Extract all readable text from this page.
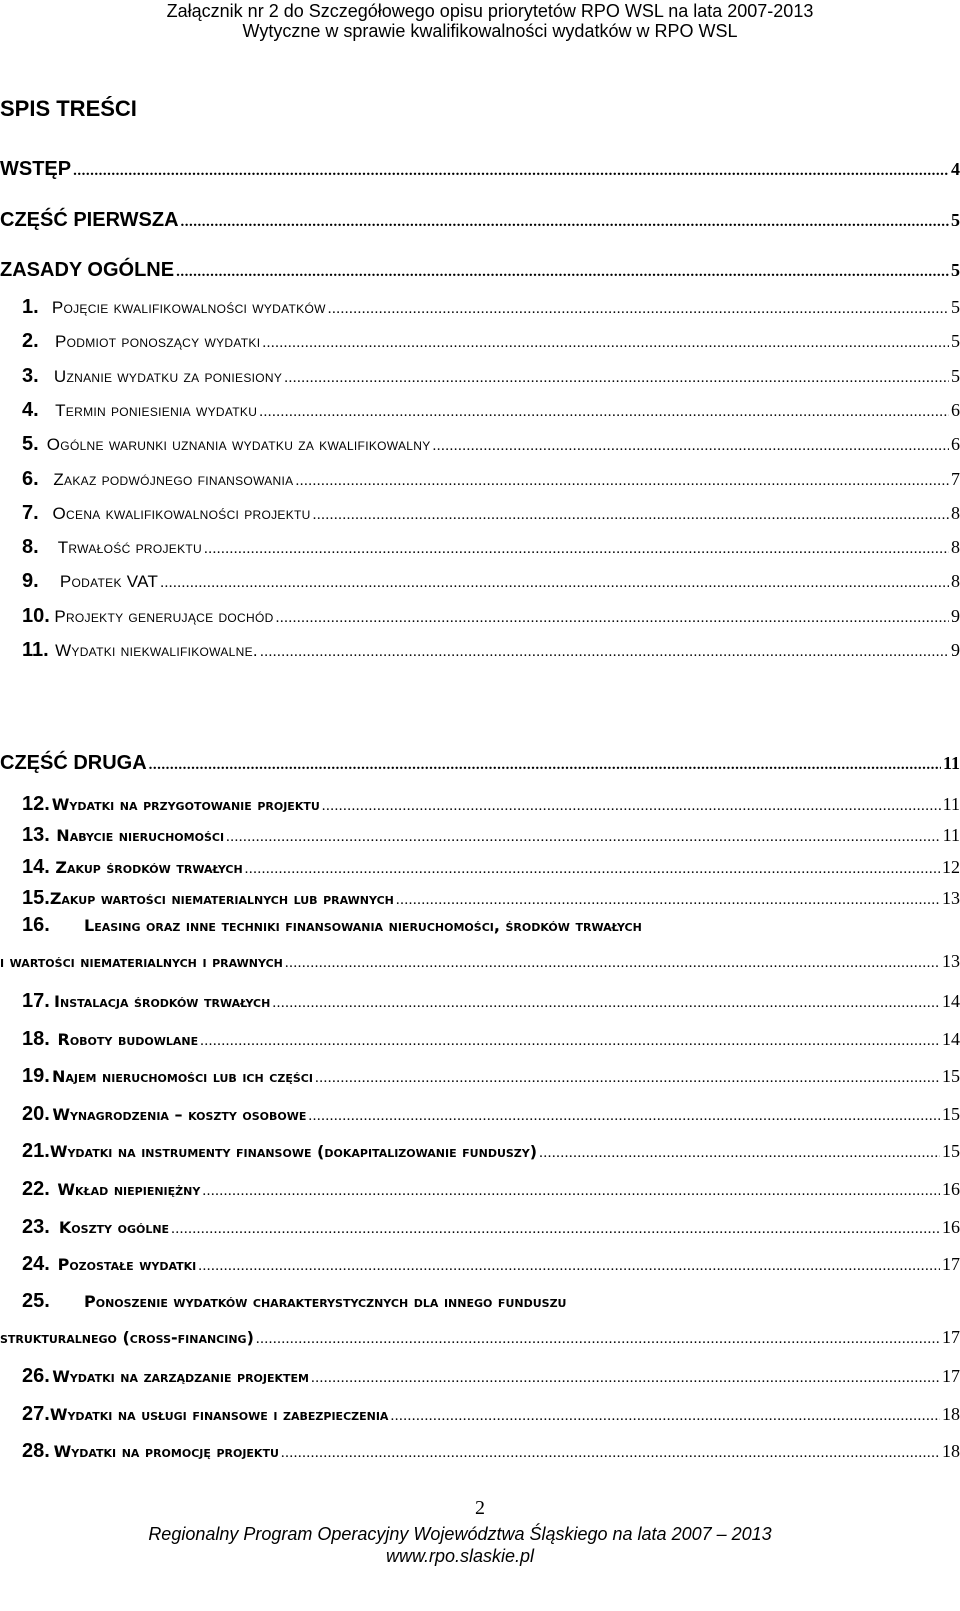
Załącznik nr 2 do Szczegółowego opisu priorytetów RPO WSL na lata 2007-2013
Wytyczne w sprawie kwalifikowalności wydatków w RPO WSL
SPIS TREŚCI
WSTĘP .....	4
CZĘŚĆ PIERWSZA .....	5
ZASADY OGÓLNE .....	5
1. Pojęcie kwalifikowalności wydatków .....	5
2. Podmiot ponoszący wydatki .....	5
3. Uznanie wydatku za poniesiony .....	5
4. Termin poniesienia wydatku .....	6
5. Ogólne warunki uznania wydatku za kwalifikowalny .....	6
6. Zakaz podwójnego finansowania .....	7
7. Ocena kwalifikowalności projektu .....	8
8.	Trwałość projektu .....	8
9.	Podatek VAT .....	8
10. Projekty generujące dochód .....	9
11. Wydatki niekwalifikowalne. .....	9
CZĘŚĆ DRUGA .....	11
12. Wydatki na przygotowanie projektu .....	11
13. Nabycie nieruchomości .....	11
14. Zakup środków trwałych .....	12
15. Zakup wartości niematerialnych lub prawnych .....	13
16.	Leasing oraz inne techniki finansowania nieruchomości, środków trwałych
i wartości niematerialnych i prawnych .....	13
17. Instalacja środków trwałych .....	14
18. Roboty budowlane .....	14
19. Najem nieruchomości lub ich części .....	15
20. Wynagrodzenia – koszty osobowe .....	15
21. Wydatki na instrumenty finansowe (dokapitalizowanie funduszy) .....	15
22. Wkład niepieniężny .....	16
23. Koszty ogólne .....	16
24. Pozostałe wydatki .....	17
25.	Ponoszenie wydatków charakterystycznych dla innego funduszu
strukturalnego (cross-financing) .....	17
26. Wydatki na zarządzanie projektem .....	17
27. Wydatki na usługi finansowe i zabezpieczenia .....	18
28. Wydatki na promocję projektu .....	18
2
Regionalny Program Operacyjny Województwa Śląskiego na lata 2007 – 2013
www.rpo.slaskie.pl
